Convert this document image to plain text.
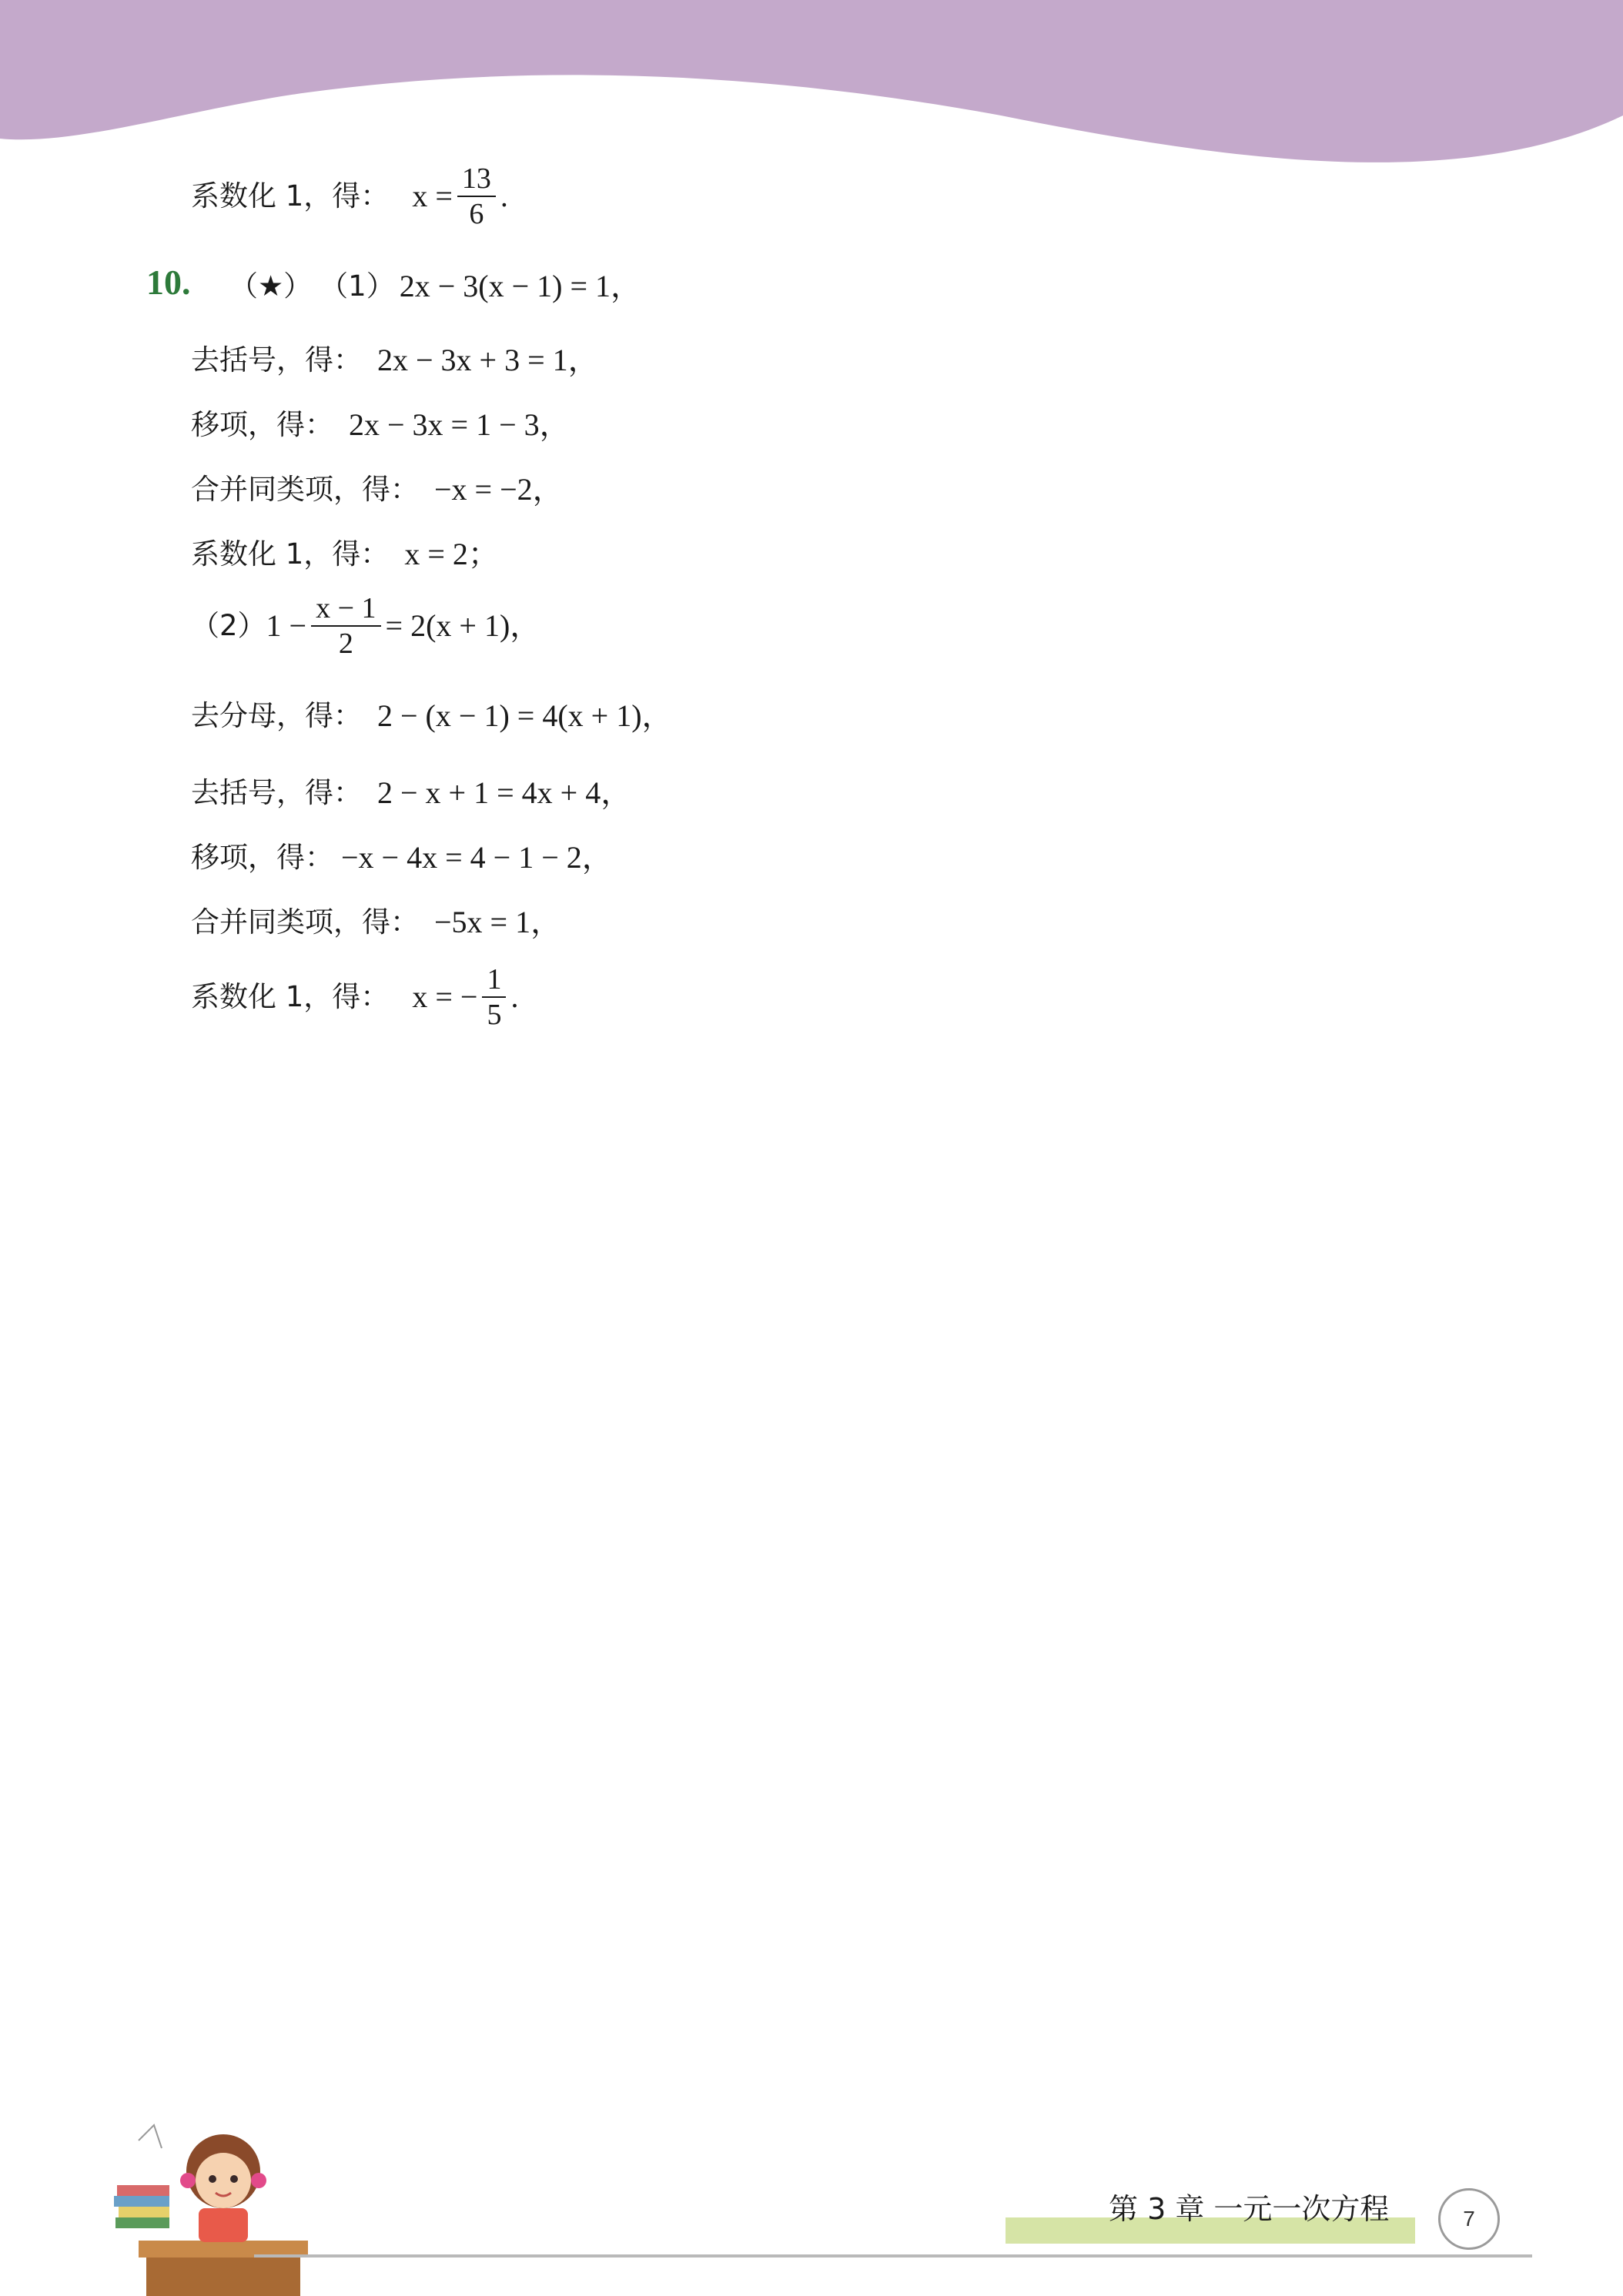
系数化 1，得： $x = \frac{13}{6}$ .
10. （★） （1） 2x − 3(x − 1) = 1，
去括号，得： 2x − 3x + 3 = 1，
移项，得： 2x − 3x = 1 − 3，
合并同类项，得： −x = −2，
系数化 1，得： x = 2；
（2） $1 - \frac{x - 1}{2} = 2(x + 1)$，
去分母，得： 2 − (x − 1) = 4(x + 1)，
去括号，得： 2 − x + 1 = 4x + 4，
移项，得： −x − 4x = 4 − 1 − 2，
合并同类项，得： −5x = 1，
系数化 1，得： x = − $\frac{1}{5}$ .
第 3 章 一元一次方程	7
